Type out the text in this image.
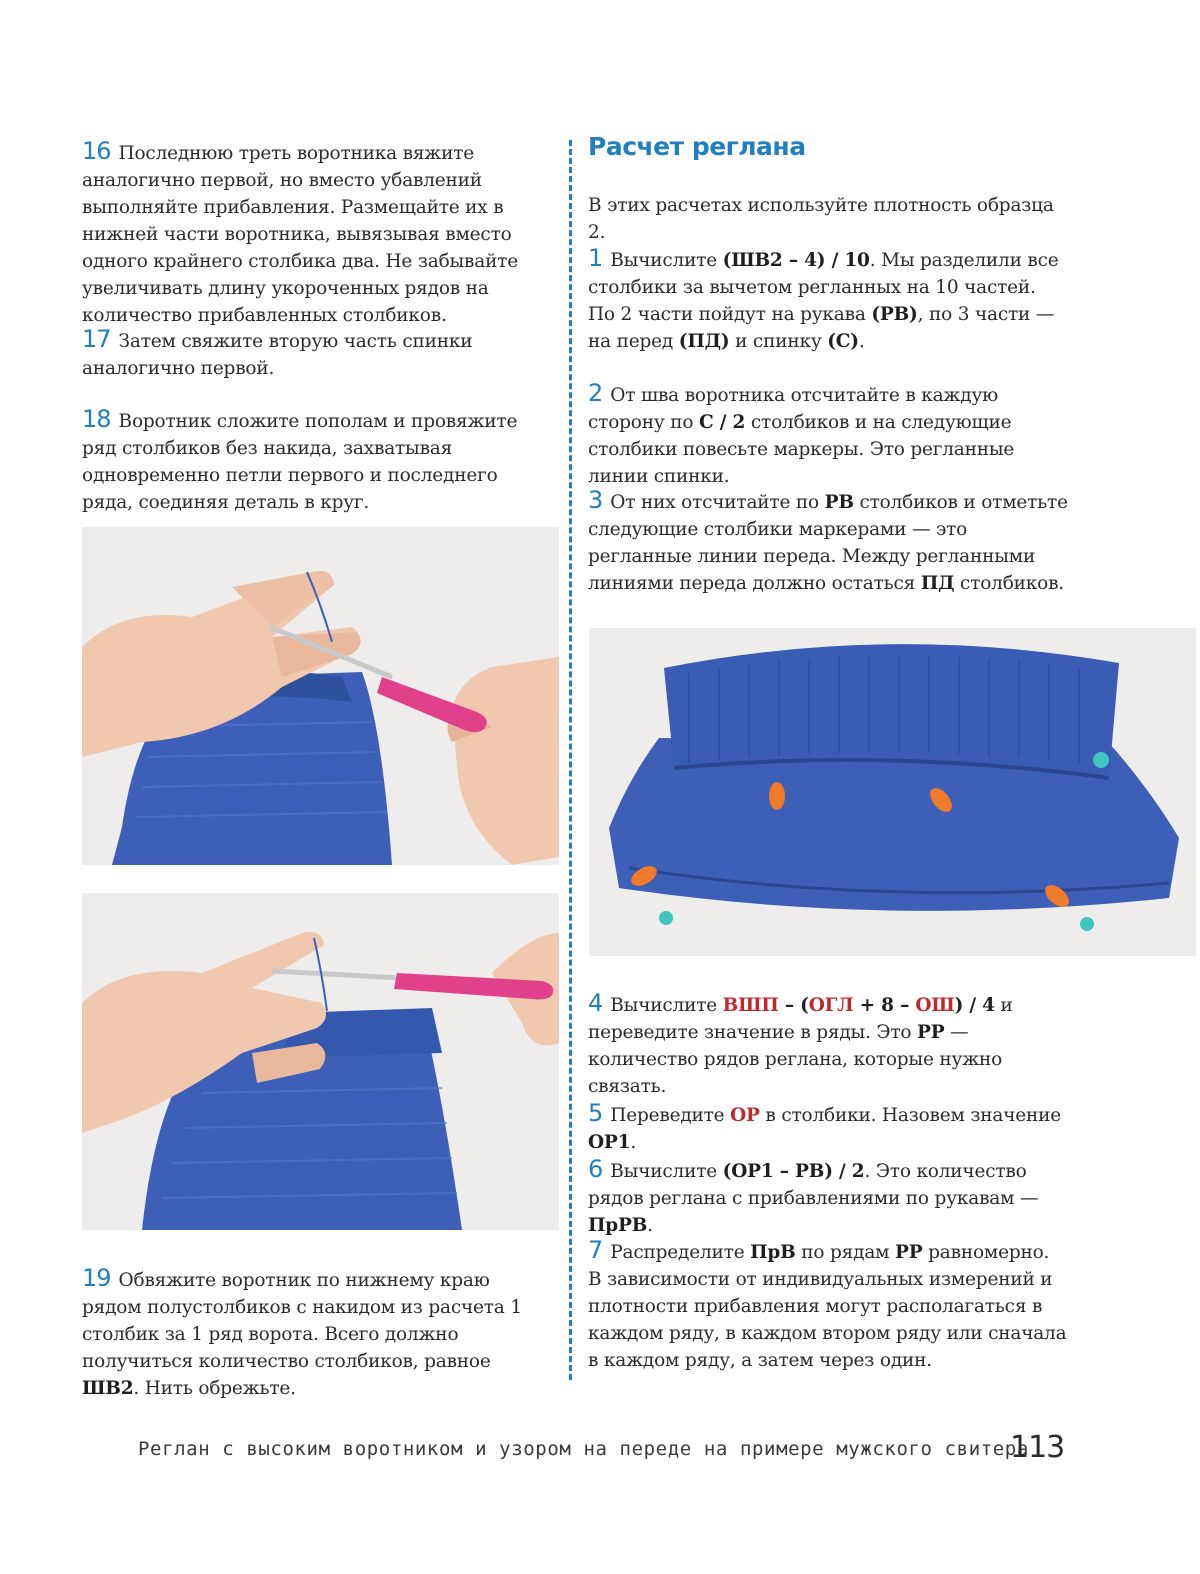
16 Последнюю треть воротника вяжите аналогично первой, но вместо убавлений выполняйте прибавления. Размещайте их в нижней части воротника, вывязывая вместо одного крайнего столбика два. Не забывайте увеличивать длину укороченных рядов на количество прибавленных столбиков.

17 Затем свяжите вторую часть спинки аналогично первой.

18 Воротник сложите пополам и провяжите ряд столбиков без накида, захватывая одновременно петли первого и последнего ряда, соединяя деталь в круг.

19 Обвяжите воротник по нижнему краю рядом полустолбиков с накидом из расчета 1 столбик за 1 ряд ворота. Всего должно получиться количество столбиков, равное ШВ2. Нить обрежьте.

Расчет реглана

В этих расчетах используйте плотность образца 2.

1 Вычислите (ШВ2 – 4) / 10. Мы разделили все столбики за вычетом регланных на 10 частей. По 2 части пойдут на рукава (РВ), по 3 части — на перед (ПД) и спинку (С).

2 От шва воротника отсчитайте в каждую сторону по С / 2 столбиков и на следующие столбики повесьте маркеры. Это регланные линии спинки.

3 От них отсчитайте по РВ столбиков и отметьте следующие столбики маркерами — это регланные линии переда. Между регланными линиями переда должно остаться ПД столбиков.

4 Вычислите ВШП – (ОГЛ + 8 – ОШ) / 4 и переведите значение в ряды. Это РР — количество рядов реглана, которые нужно связать.

5 Переведите ОР в столбики. Назовем значение ОР1.

6 Вычислите (ОР1 – РВ) / 2. Это количество рядов реглана с прибавлениями по рукавам — ПрРВ.

7 Распределите ПрВ по рядам РР равномерно. В зависимости от индивидуальных измерений и плотности прибавления могут располагаться в каждом ряду, в каждом втором ряду или сначала в каждом ряду, а затем через один.

Реглан с высоким воротником и узором на переде на примере мужского свитера
113
